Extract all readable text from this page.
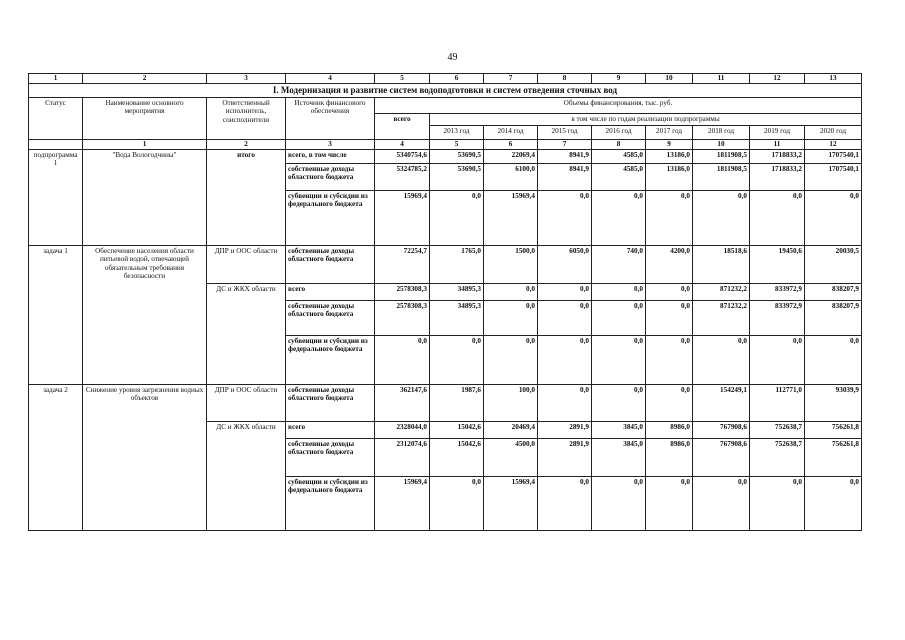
49
1	2	3	4	5	6	7	8	9	10	11	12	13
I. Модернизация и развитие систем водоподготовки и систем отведения сточных вод												
Статус	Наименование основного мероприятия	Ответственный исполнитель, соисполнители	Источник финансового обеспечения	Объемы финансирования, тыс. руб.								
				всего	в том числе по годам реализации подпрограммы							
					2013 год	2014 год	2015 год	2016 год	2017 год	2018 год	2019 год	2020 год
	1	2	3	4	5	6	7	8	9	10	11	12
подпрограмма 1	"Вода Вологодчины"	итого	всего, в том числе	5340754,6	53690,5	22069,4	8941,9	4585,0	13186,0	1811908,5	1718833,2	1707540,1
			собственные доходы областного бюджета	5324785,2	53690,5	6100,0	8941,9	4585,0	13186,0	1811908,5	1718833,2	1707540,1
			субвенции и субсидии из федерального бюджета	15969,4	0,0	15969,4	0,0	0,0	0,0	0,0	0,0	0,0
задача 1	Обеспечение населения области питьевой водой, отвечающей обязательным требования безопасности	ДПР и ООС области	собственные доходы областного бюджета	72254,7	1765,0	1500,0	6050,0	740,0	4200,0	18518,6	19450,6	20030,5
		ДС и ЖКХ области	всего	2578308,3	34895,3	0,0	0,0	0,0	0,0	871232,2	833972,9	838207,9
			собственные доходы областного бюджета	2578308,3	34895,3	0,0	0,0	0,0	0,0	871232,2	833972,9	838207,9
			субвенции и субсидии из федерального бюджета	0,0	0,0	0,0	0,0	0,0	0,0	0,0	0,0	0,0
задача 2	Снижение уровня загрязнения водных объектов	ДПР и ООС области	собственные доходы областного бюджета	362147,6	1987,6	100,0	0,0	0,0	0,0	154249,1	112771,0	93039,9
		ДС и ЖКХ области	всего	2328044,0	15042,6	20469,4	2891,9	3845,0	8986,0	767908,6	752638,7	756261,8
			собственные доходы областного бюджета	2312074,6	15042,6	4500,0	2891,9	3845,0	8986,0	767908,6	752638,7	756261,8
			субвенции и субсидии из федерального бюджета	15969,4	0,0	15969,4	0,0	0,0	0,0	0,0	0,0	0,0
